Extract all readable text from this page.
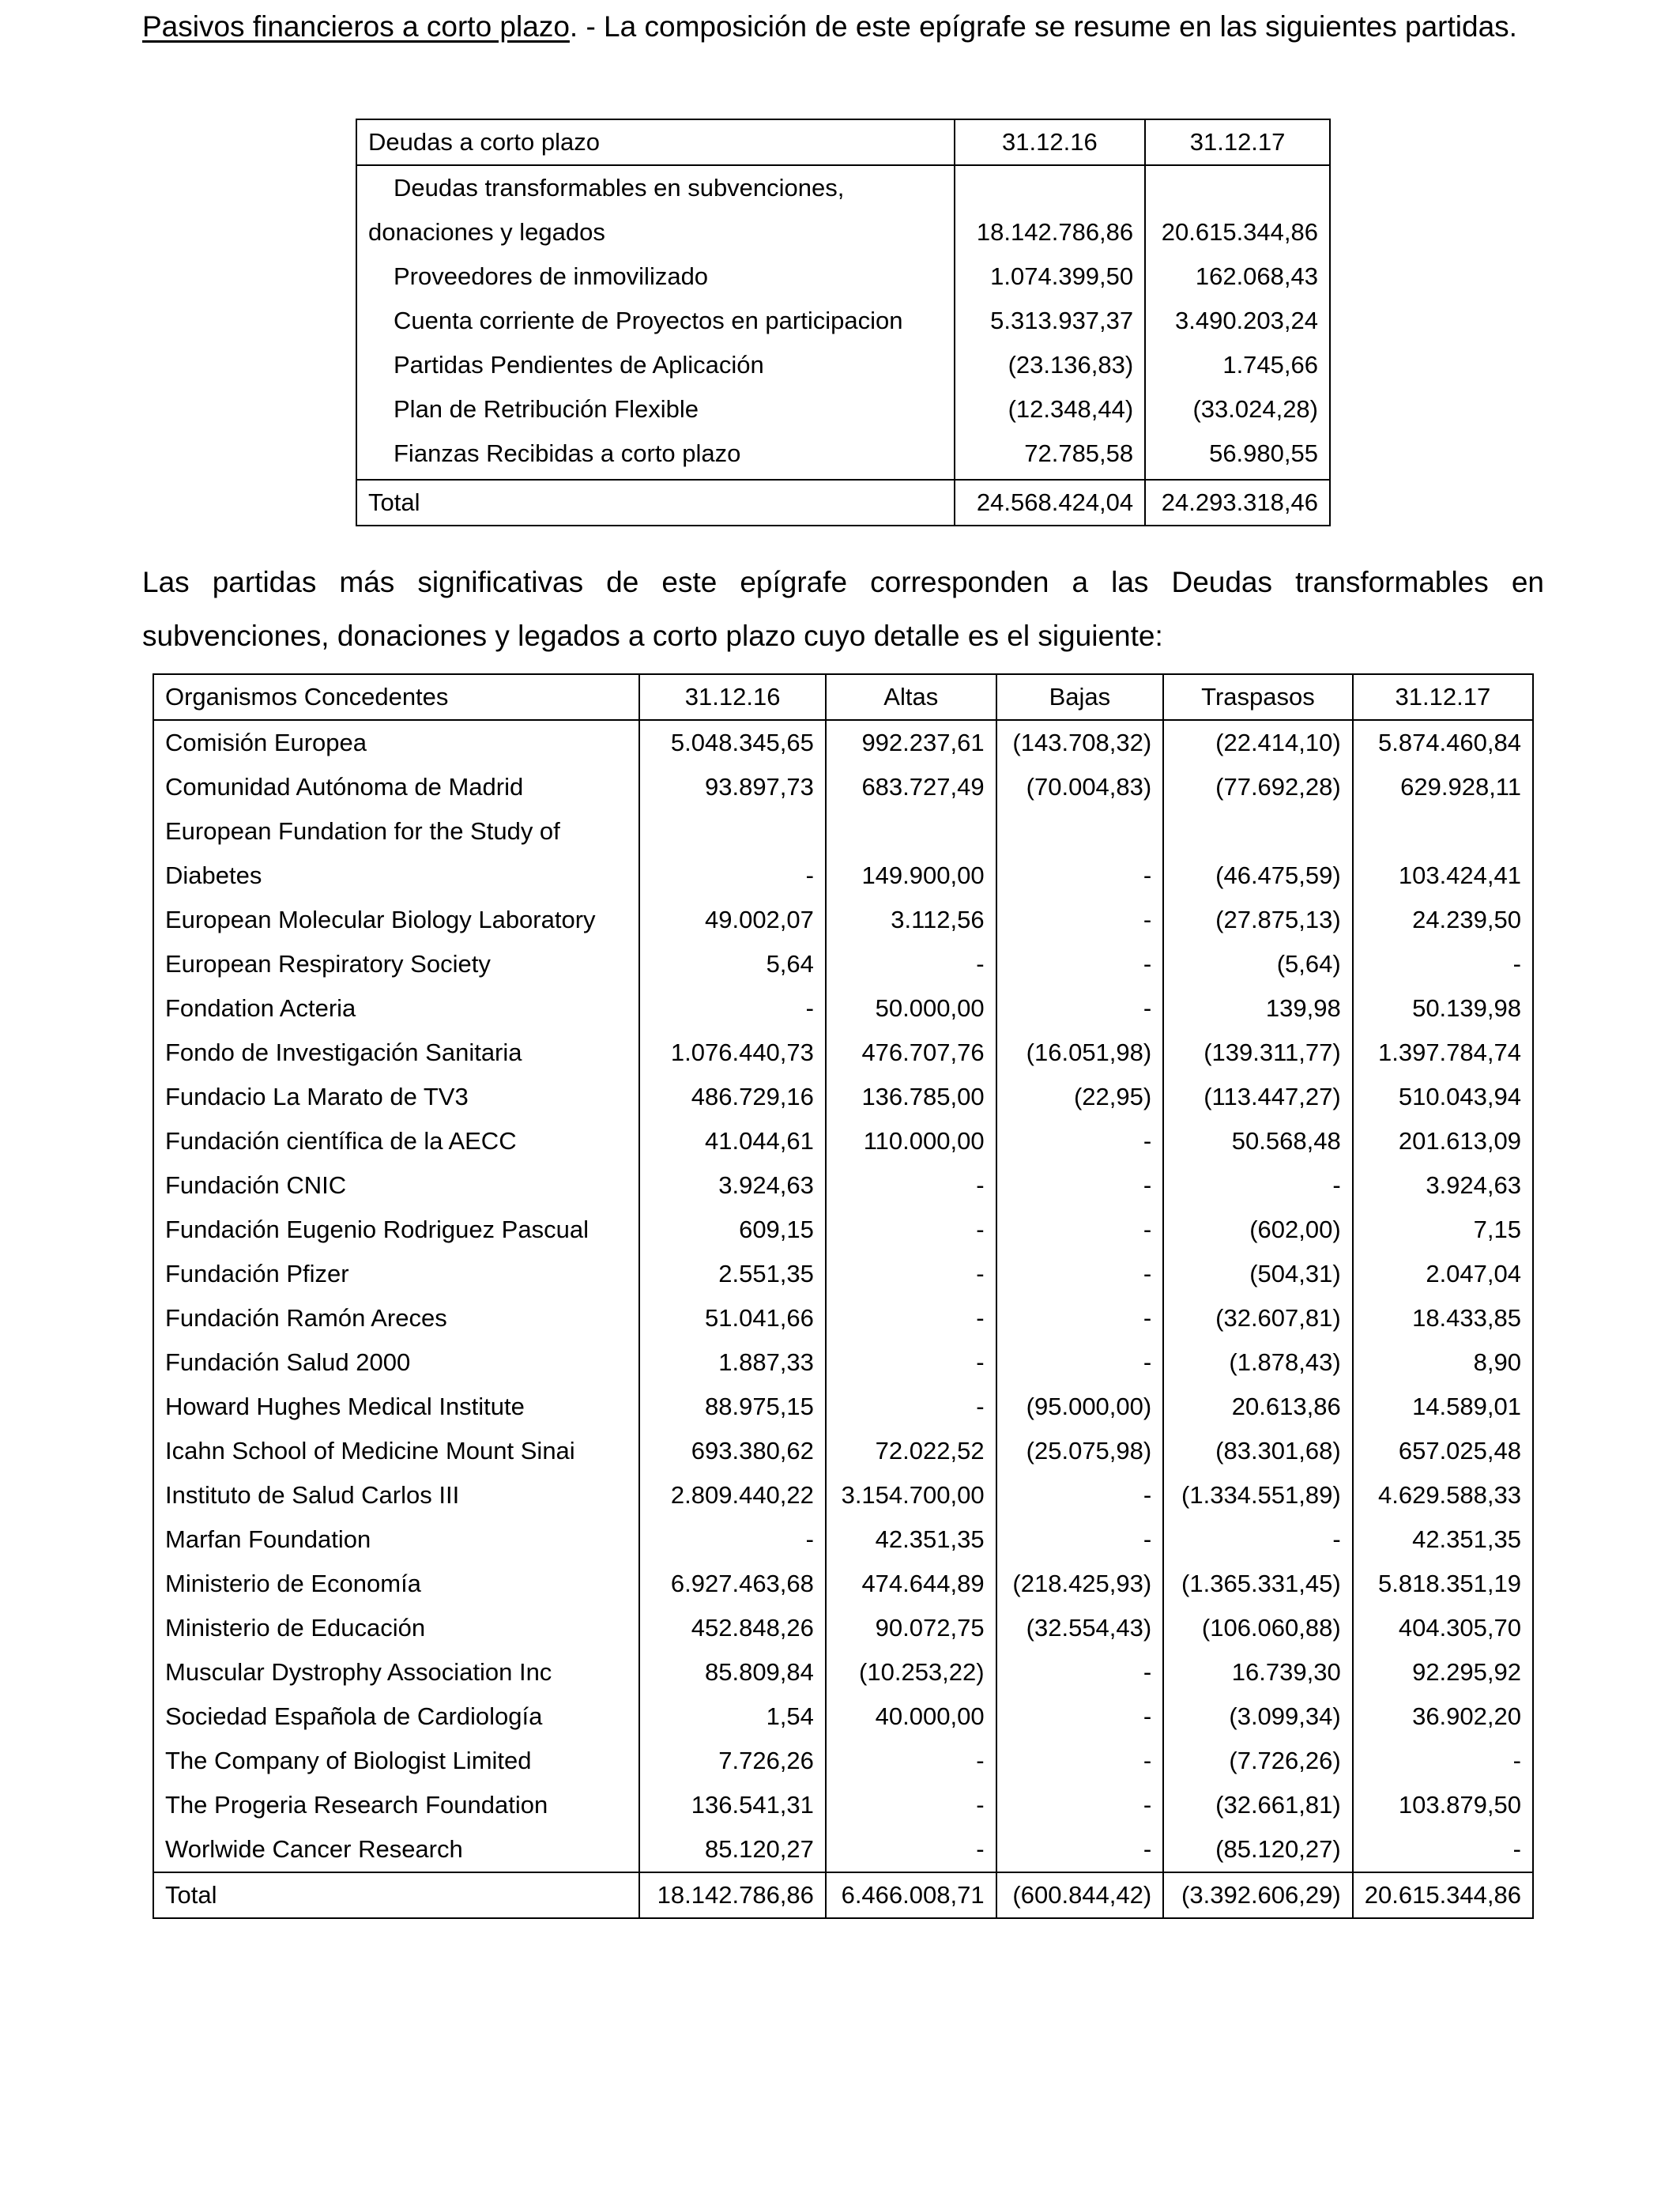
Pasivos financieros a corto plazo. - La composición de este epígrafe se resume en las siguientes partidas.
Deudas a corto plazo	31.12.16	31.12.17
Deudas transformables en subvenciones,		
donaciones y legados	18.142.786,86	20.615.344,86
Proveedores de inmovilizado	1.074.399,50	162.068,43
Cuenta corriente de Proyectos en participacion	5.313.937,37	3.490.203,24
Partidas Pendientes de Aplicación	(23.136,83)	1.745,66
Plan de Retribución Flexible	(12.348,44)	(33.024,28)
Fianzas Recibidas a corto plazo	72.785,58	56.980,55
Total	24.568.424,04	24.293.318,46
Las partidas más significativas de este epígrafe corresponden a las Deudas transformables en subvenciones, donaciones y legados a corto plazo cuyo detalle es el siguiente:
Organismos Concedentes	31.12.16	Altas	Bajas	Traspasos	31.12.17
Comisión Europea	5.048.345,65	992.237,61	(143.708,32)	(22.414,10)	5.874.460,84
Comunidad Autónoma de Madrid	93.897,73	683.727,49	(70.004,83)	(77.692,28)	629.928,11
European Fundation for the Study of					
Diabetes	-	149.900,00	-	(46.475,59)	103.424,41
European Molecular Biology Laboratory	49.002,07	3.112,56	-	(27.875,13)	24.239,50
European Respiratory Society	5,64	-	-	(5,64)	-
Fondation Acteria	-	50.000,00	-	139,98	50.139,98
Fondo de Investigación Sanitaria	1.076.440,73	476.707,76	(16.051,98)	(139.311,77)	1.397.784,74
Fundacio La Marato de TV3	486.729,16	136.785,00	(22,95)	(113.447,27)	510.043,94
Fundación científica de la AECC	41.044,61	110.000,00	-	50.568,48	201.613,09
Fundación CNIC	3.924,63	-	-	-	3.924,63
Fundación Eugenio Rodriguez Pascual	609,15	-	-	(602,00)	7,15
Fundación Pfizer	2.551,35	-	-	(504,31)	2.047,04
Fundación Ramón Areces	51.041,66	-	-	(32.607,81)	18.433,85
Fundación Salud 2000	1.887,33	-	-	(1.878,43)	8,90
Howard Hughes Medical Institute	88.975,15	-	(95.000,00)	20.613,86	14.589,01
Icahn School of Medicine Mount Sinai	693.380,62	72.022,52	(25.075,98)	(83.301,68)	657.025,48
Instituto de Salud Carlos III	2.809.440,22	3.154.700,00	-	(1.334.551,89)	4.629.588,33
Marfan Foundation	-	42.351,35	-	-	42.351,35
Ministerio de Economía	6.927.463,68	474.644,89	(218.425,93)	(1.365.331,45)	5.818.351,19
Ministerio de Educación	452.848,26	90.072,75	(32.554,43)	(106.060,88)	404.305,70
Muscular Dystrophy Association Inc	85.809,84	(10.253,22)	-	16.739,30	92.295,92
Sociedad Española de Cardiología	1,54	40.000,00	-	(3.099,34)	36.902,20
The Company of Biologist Limited	7.726,26	-	-	(7.726,26)	-
The Progeria Research Foundation	136.541,31	-	-	(32.661,81)	103.879,50
Worlwide Cancer Research	85.120,27	-	-	(85.120,27)	-
Total	18.142.786,86	6.466.008,71	(600.844,42)	(3.392.606,29)	20.615.344,86
